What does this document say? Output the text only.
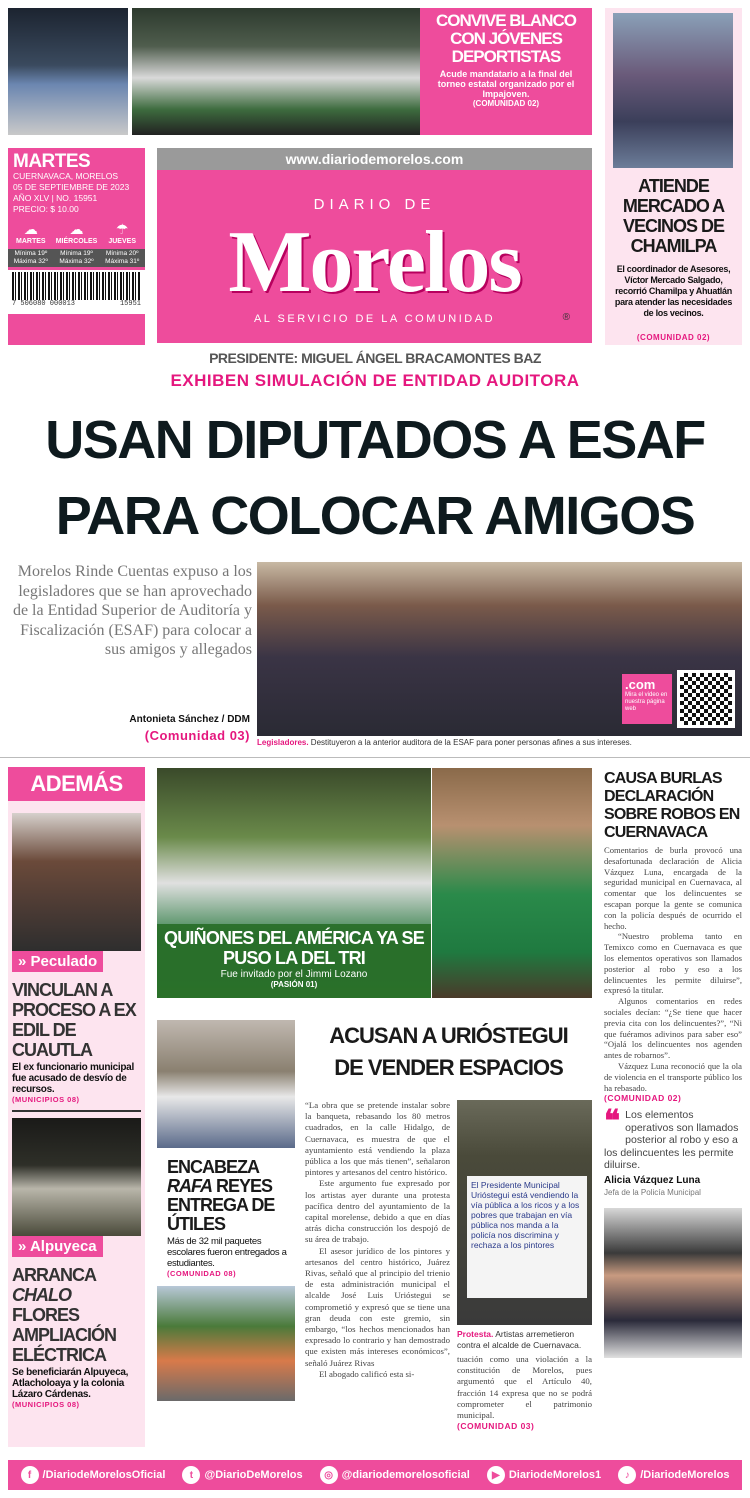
CONVIVE BLANCO CON JÓVENES DEPORTISTAS
Acude mandatario a la final del torneo estatal organizado por el Impajoven.
(COMUNIDAD 02)
ATIENDE MERCADO A VECINOS DE CHAMILPA
El coordinador de Asesores, Víctor Mercado Salgado, recorrió Chamilpa y Ahuatlán para atender las necesidades de los vecinos.
(COMUNIDAD 02)
MARTES
CUERNAVACA, MORELOS
05 DE SEPTIEMBRE DE 2023
AÑO XLV | NO. 15951
PRECIO: $ 10.00
☁
MARTES
Mínima 19º
Máxima 32º
☁
MIÉRCOLES
Mínima 19º
Máxima 32º
☂
JUEVES
Mínima 20º
Máxima 31º
7 506080 000013	15951
www.diariodemorelos.com
DIARIO DE
Morelos
®
AL SERVICIO DE LA COMUNIDAD
PRESIDENTE: MIGUEL ÁNGEL BRACAMONTES BAZ
EXHIBEN SIMULACIÓN DE ENTIDAD AUDITORA
USAN DIPUTADOS A ESAF
PARA COLOCAR AMIGOS
Morelos Rinde Cuentas expuso a los legisladores que se han aprovechado de la Entidad Superior de Auditoría y Fiscalización (ESAF) para colocar a sus amigos y allegados
Antonieta Sánchez / DDM
(Comunidad 03)
.com
Mira el video en nuestra página web
Legisladores. Destituyeron a la anterior auditora de la ESAF para poner personas afines a sus intereses.
ADEMÁS
» Peculado
VINCULAN A PROCESO A EX EDIL DE CUAUTLA
El ex funcionario municipal fue acusado de desvío de recursos.
(MUNICIPIOS 08)
» Alpuyeca
ARRANCA CHALO FLORES AMPLIACIÓN ELÉCTRICA
Se beneficiarán Alpuyeca, Atlacholoaya y la colonia Lázaro Cárdenas.
(MUNICIPIOS 08)
QUIÑONES DEL AMÉRICA YA SE PUSO LA DEL TRI
Fue invitado por el Jimmi Lozano
(PASIÓN 01)
CAUSA BURLAS DECLARACIÓN SOBRE ROBOS EN CUERNAVACA

Comentarios de burla provocó una desafortunada declaración de Alicia Vázquez Luna, encargada de la seguridad municipal en Cuernavaca, al comentar que los delincuentes se escapan porque la gente se comunica con la policía después de ocurrido el hecho.

“Nuestro problema tanto en Temixco como en Cuernavaca es que los elementos operativos son llamados posterior al robo y eso a los delincuentes les permite diluirse”, expresó la titular.

Algunos comentarios en redes sociales decían: “¿Se tiene que hacer previa cita con los delincuentes?”, “Ni que fuéramos adivinos para saber eso” “Ojalá los delincuentes nos agenden antes de robarnos”.

Vázquez Luna reconoció que la ola de violencia en el transporte público los ha rebasado.

(COMUNIDAD 02)
❝ Los elementos operativos son llamados posterior al robo y eso a los delincuentes les permite diluirse.
Alicia Vázquez Luna
Jefa de la Policía Municipal
ENCABEZA RAFA REYES ENTREGA DE ÚTILES
Más de 32 mil paquetes escolares fueron entregados a estudiantes.
(COMUNIDAD 08)
ACUSAN A URIÓSTEGUI
DE VENDER ESPACIOS

“La obra que se pretende instalar sobre la banqueta, rebasando los 80 metros cuadrados, en la calle Hidalgo, de Cuernavaca, es muestra de que el ayuntamiento está vendiendo la plaza pública a los que más tienen”, señalaron pintores y artesanos del centro histórico.

Este argumento fue expresado por los artistas ayer durante una protesta pacífica dentro del ayuntamiento de la capital morelense, debido a que en días atrás dicha construcción los despojó de su área de trabajo.

El asesor jurídico de los pintores y artesanos del centro histórico, Juárez Rivas, señaló que al principio del trienio de esta administración municipal el alcalde José Luis Urióstegui se comprometió y expresó que se tiene una gran deuda con este gremio, sin embargo, “los hechos mencionados han expresado lo contrario y han demostrado que existen más intereses económicos”, señaló Juárez Rivas

El abogado calificó esta si-

El Presidente Municipal Urióstegui está vendiendo la vía pública a los ricos y a los pobres que trabajan en vía pública nos manda a la policía nos discrimina y rechaza a los pintores
Protesta. Artistas arremetieron contra el alcalde de Cuernavaca.
tuación como una violación a la constitución de Morelos, pues argumentó que el Artículo 40, fracción 14 expresa que no se podrá comprometer el patrimonio municipal.
(COMUNIDAD 03)
f	/DiariodeMorelosOficial	t	@DiarioDeMorelos	◎ @diariodemorelosoficial	▶ DiariodeMorelos1	♪ /DiariodeMorelos
